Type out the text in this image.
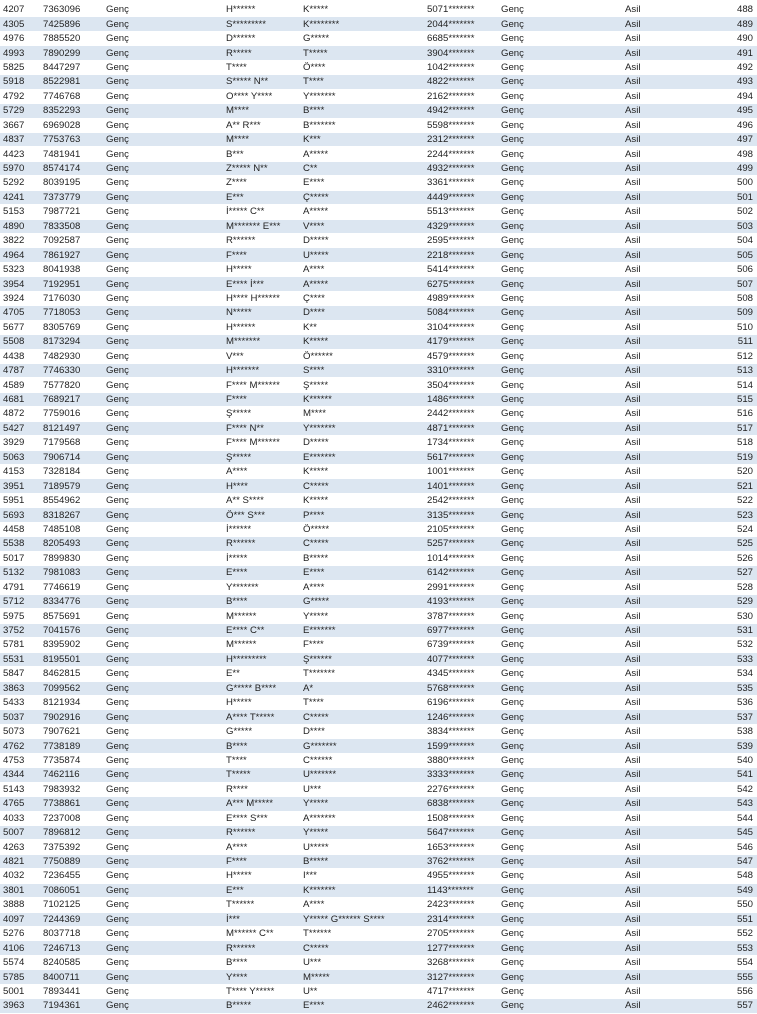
4207	7363096	Genç	H******	K*****	5071*******	Genç	Asil	488
4305	7425896	Genç	S*********	K********	2044*******	Genç	Asil	489
4976	7885520	Genç	D******	G*****	6685*******	Genç	Asil	490
4993	7890299	Genç	R*****	T*****	3904*******	Genç	Asil	491
5825	8447297	Genç	T****	Ö****	1042*******	Genç	Asil	492
5918	8522981	Genç	S***** N**	T****	4822*******	Genç	Asil	493
4792	7746768	Genç	O**** Y****	Y*******	2162*******	Genç	Asil	494
5729	8352293	Genç	M****	B****	4942*******	Genç	Asil	495
3667	6969028	Genç	A** R***	B*******	5598*******	Genç	Asil	496
4837	7753763	Genç	M****	K***	2312*******	Genç	Asil	497
4423	7481941	Genç	B***	A*****	2244*******	Genç	Asil	498
5970	8574174	Genç	Z***** N**	C**	4932*******	Genç	Asil	499
5292	8039195	Genç	Z****	E****	3361*******	Genç	Asil	500
4241	7373779	Genç	E***	Ç*****	4449*******	Genç	Asil	501
5153	7987721	Genç	İ***** C**	A*****	5513*******	Genç	Asil	502
4890	7833508	Genç	M******* E***	V****	4329*******	Genç	Asil	503
3822	7092587	Genç	R******	D*****	2595*******	Genç	Asil	504
4964	7861927	Genç	F****	U*****	2218*******	Genç	Asil	505
5323	8041938	Genç	H*****	A****	5414*******	Genç	Asil	506
3954	7192951	Genç	E**** İ***	A*****	6275*******	Genç	Asil	507
3924	7176030	Genç	H**** H******	Ç****	4989*******	Genç	Asil	508
4705	7718053	Genç	N*****	D****	5084*******	Genç	Asil	509
5677	8305769	Genç	H******	K**	3104*******	Genç	Asil	510
5508	8173294	Genç	M*******	K*****	4179*******	Genç	Asil	511
4438	7482930	Genç	V***	Ö******	4579*******	Genç	Asil	512
4787	7746330	Genç	H*******	S****	3310*******	Genç	Asil	513
4589	7577820	Genç	F**** M******	Ş*****	3504*******	Genç	Asil	514
4681	7689217	Genç	F****	K******	1486*******	Genç	Asil	515
4872	7759016	Genç	Ş*****	M****	2442*******	Genç	Asil	516
5427	8121497	Genç	F**** N**	Y*******	4871*******	Genç	Asil	517
3929	7179568	Genç	F**** M******	D*****	1734*******	Genç	Asil	518
5063	7906714	Genç	Ş*****	E*******	5617*******	Genç	Asil	519
4153	7328184	Genç	A****	K*****	1001*******	Genç	Asil	520
3951	7189579	Genç	H****	C*****	1401*******	Genç	Asil	521
5951	8554962	Genç	A** S****	K*****	2542*******	Genç	Asil	522
5693	8318267	Genç	Ö*** S***	P****	3135*******	Genç	Asil	523
4458	7485108	Genç	İ******	Ö*****	2105*******	Genç	Asil	524
5538	8205493	Genç	R******	C*****	5257*******	Genç	Asil	525
5017	7899830	Genç	İ*****	B*****	1014*******	Genç	Asil	526
5132	7981083	Genç	E****	E****	6142*******	Genç	Asil	527
4791	7746619	Genç	Y*******	A****	2991*******	Genç	Asil	528
5712	8334776	Genç	B****	G*****	4193*******	Genç	Asil	529
5975	8575691	Genç	M******	Y*****	3787*******	Genç	Asil	530
3752	7041576	Genç	E**** C**	E*******	6977*******	Genç	Asil	531
5781	8395902	Genç	M******	F****	6739*******	Genç	Asil	532
5531	8195501	Genç	H*********	Ş******	4077*******	Genç	Asil	533
5847	8462815	Genç	E**	T*******	4345*******	Genç	Asil	534
3863	7099562	Genç	G***** B****	A*	5768*******	Genç	Asil	535
5433	8121934	Genç	H*****	T****	6196*******	Genç	Asil	536
5037	7902916	Genç	A**** T*****	C*****	1246*******	Genç	Asil	537
5073	7907621	Genç	G*****	D****	3834*******	Genç	Asil	538
4762	7738189	Genç	B****	G*******	1599*******	Genç	Asil	539
4753	7735874	Genç	T****	C******	3880*******	Genç	Asil	540
4344	7462116	Genç	T*****	U*******	3333*******	Genç	Asil	541
5143	7983932	Genç	R****	U***	2276*******	Genç	Asil	542
4765	7738861	Genç	A*** M*****	Y*****	6838*******	Genç	Asil	543
4033	7237008	Genç	E**** S***	A*******	1508*******	Genç	Asil	544
5007	7896812	Genç	R******	Y*****	5647*******	Genç	Asil	545
4263	7375392	Genç	A****	U*****	1653*******	Genç	Asil	546
4821	7750889	Genç	F****	B*****	3762*******	Genç	Asil	547
4032	7236455	Genç	H*****	I***	4955*******	Genç	Asil	548
3801	7086051	Genç	E***	K*******	1143*******	Genç	Asil	549
3888	7102125	Genç	T******	A****	2423*******	Genç	Asil	550
4097	7244369	Genç	İ***	Y***** G****** S****	2314*******	Genç	Asil	551
5276	8037718	Genç	M****** C**	T******	2705*******	Genç	Asil	552
4106	7246713	Genç	R******	C*****	1277*******	Genç	Asil	553
5574	8240585	Genç	B****	U***	3268*******	Genç	Asil	554
5785	8400711	Genç	Y****	M*****	3127*******	Genç	Asil	555
5001	7893441	Genç	T**** Y*****	U**	4717*******	Genç	Asil	556
3963	7194361	Genç	B*****	E****	2462*******	Genç	Asil	557
